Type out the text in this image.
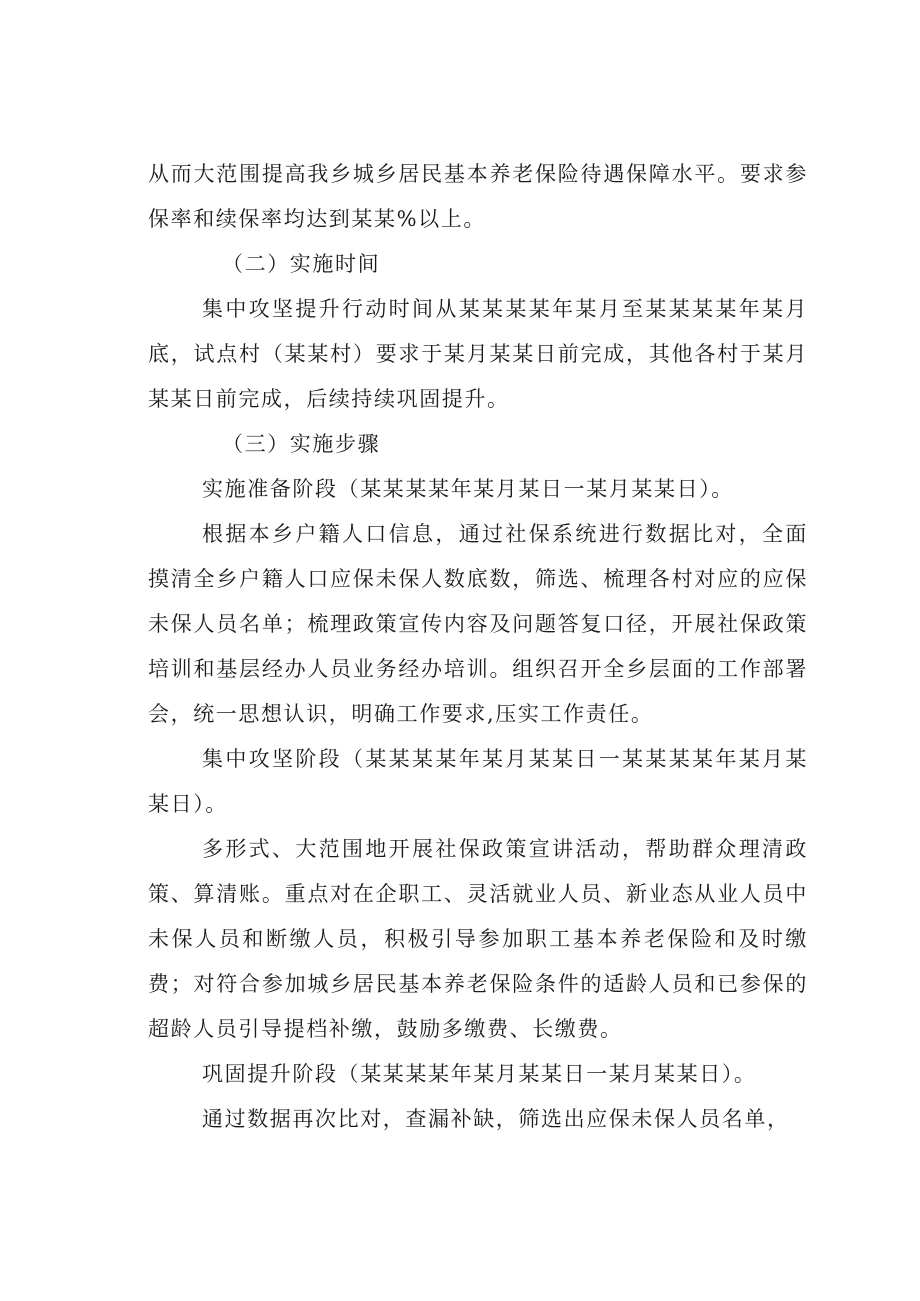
从而大范围提高我乡城乡居民基本养老保险待遇保障水平。要求参保率和续保率均达到某某%以上。

（二）实施时间

集中攻坚提升行动时间从某某某某年某月至某某某某年某月底，试点村（某某村）要求于某月某某日前完成，其他各村于某月某某日前完成，后续持续巩固提升。

（三）实施步骤

实施准备阶段（某某某某年某月某日一某月某某日）。

根据本乡户籍人口信息，通过社保系统进行数据比对，全面摸清全乡户籍人口应保未保人数底数，筛选、梳理各村对应的应保未保人员名单；梳理政策宣传内容及问题答复口径，开展社保政策培训和基层经办人员业务经办培训。组织召开全乡层面的工作部署会，统一思想认识，明确工作要求,压实工作责任。

集中攻坚阶段（某某某某年某月某某日一某某某某年某月某某日）。

多形式、大范围地开展社保政策宣讲活动，帮助群众理清政策、算清账。重点对在企职工、灵活就业人员、新业态从业人员中未保人员和断缴人员，积极引导参加职工基本养老保险和及时缴费；对符合参加城乡居民基本养老保险条件的适龄人员和已参保的超龄人员引导提档补缴，鼓励多缴费、长缴费。

巩固提升阶段（某某某某年某月某某日一某月某某日）。

通过数据再次比对，查漏补缺，筛选出应保未保人员名单，
